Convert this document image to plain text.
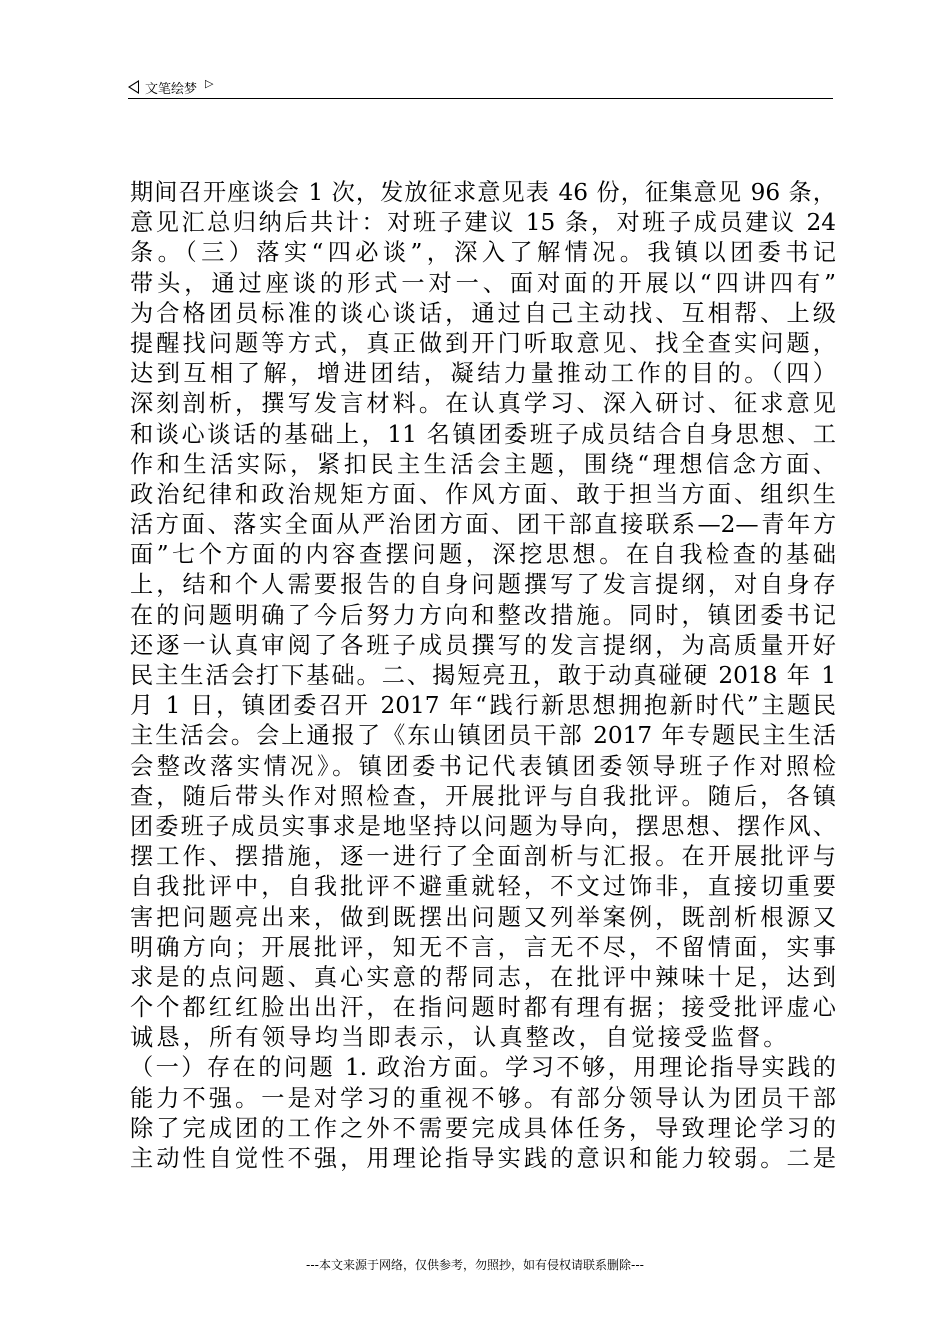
文笔绘梦 ▷
期间召开座谈会 1 次，发放征求意见表 46 份，征集意见 96 条，
意见汇总归纳后共计：对班子建议 15 条，对班子成员建议 24
条。（三）落实“四必谈”，深入了解情况。我镇以团委书记
带头，通过座谈的形式一对一、面对面的开展以“四讲四有”
为合格团员标准的谈心谈话，通过自己主动找、互相帮、上级
提醒找问题等方式，真正做到开门听取意见、找全查实问题，
达到互相了解，增进团结，凝结力量推动工作的目的。（四）
深刻剖析，撰写发言材料。在认真学习、深入研讨、征求意见
和谈心谈话的基础上，11 名镇团委班子成员结合自身思想、工
作和生活实际，紧扣民主生活会主题，围绕“理想信念方面、
政治纪律和政治规矩方面、作风方面、敢于担当方面、组织生
活方面、落实全面从严治团方面、团干部直接联系—2—青年方
面”七个方面的内容查摆问题，深挖思想。在自我检查的基础
上，结和个人需要报告的自身问题撰写了发言提纲，对自身存
在的问题明确了今后努力方向和整改措施。同时，镇团委书记
还逐一认真审阅了各班子成员撰写的发言提纲，为高质量开好
民主生活会打下基础。二、揭短亮丑，敢于动真碰硬 2018 年 1
月 1 日，镇团委召开 2017 年“践行新思想拥抱新时代”主题民
主生活会。会上通报了《东山镇团员干部 2017 年专题民主生活
会整改落实情况》。镇团委书记代表镇团委领导班子作对照检
查，随后带头作对照检查，开展批评与自我批评。随后，各镇
团委班子成员实事求是地坚持以问题为导向，摆思想、摆作风、
摆工作、摆措施，逐一进行了全面剖析与汇报。在开展批评与
自我批评中，自我批评不避重就轻，不文过饰非，直接切重要
害把问题亮出来，做到既摆出问题又列举案例，既剖析根源又
明确方向；开展批评，知无不言，言无不尽，不留情面，实事
求是的点问题、真心实意的帮同志，在批评中辣味十足，达到
个个都红红脸出出汗，在指问题时都有理有据；接受批评虚心
诚恳，所有领导均当即表示，认真整改，自觉接受监督。
（一）存在的问题 1. 政治方面。学习不够，用理论指导实践的
能力不强。一是对学习的重视不够。有部分领导认为团员干部
除了完成团的工作之外不需要完成具体任务，导致理论学习的
主动性自觉性不强，用理论指导实践的意识和能力较弱。二是
---本文来源于网络，仅供参考，勿照抄，如有侵权请联系删除---
